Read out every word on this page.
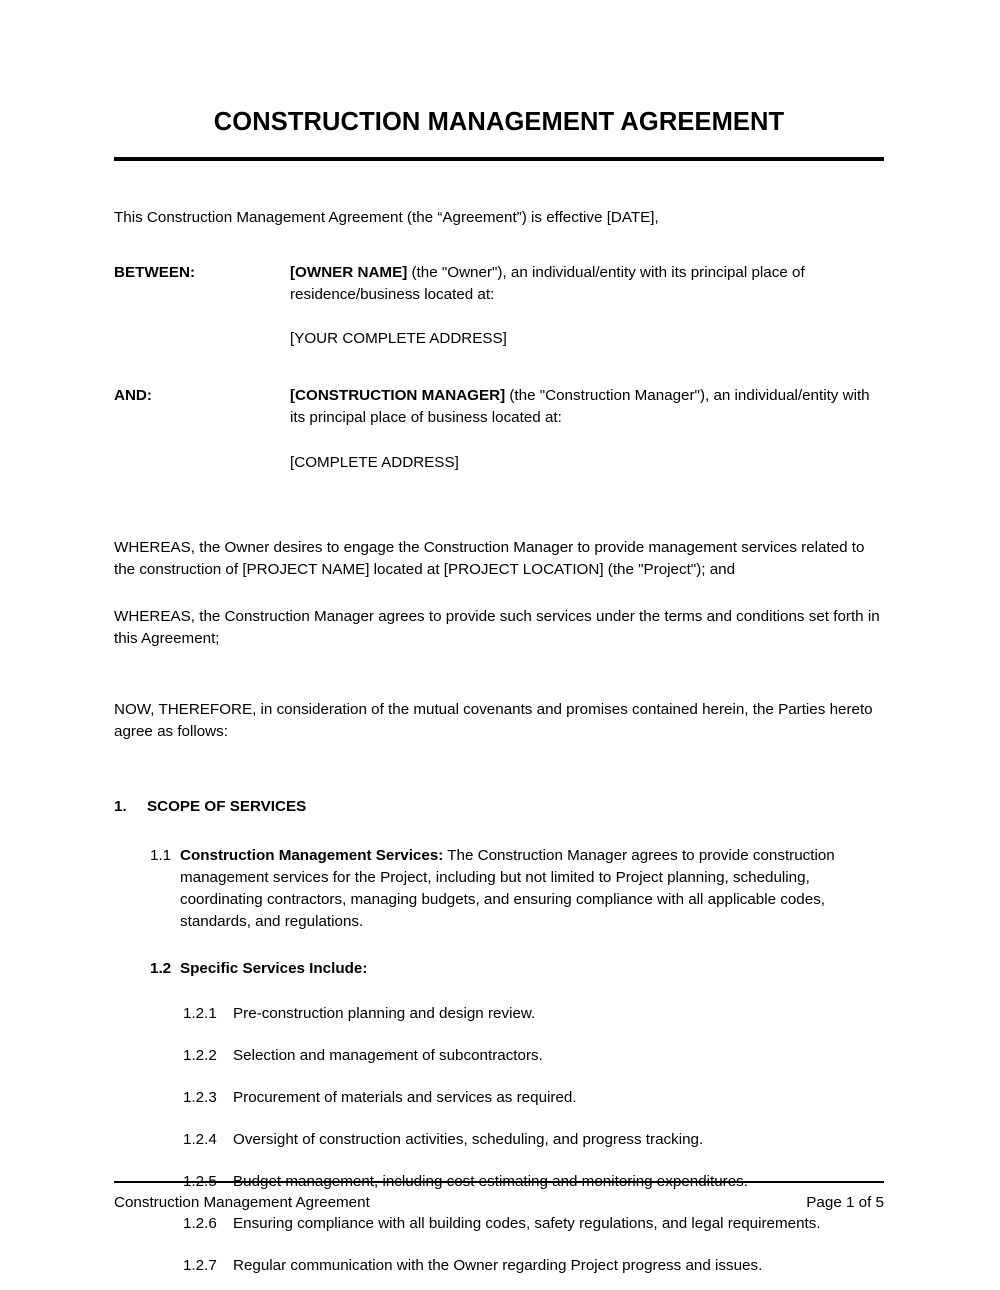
CONSTRUCTION MANAGEMENT AGREEMENT

This Construction Management Agreement (the “Agreement”) is effective [DATE],

BETWEEN:	[OWNER NAME] (the "Owner"), an individual/entity with its principal place of residence/business located at:

[YOUR COMPLETE ADDRESS]

AND:	[CONSTRUCTION MANAGER] (the "Construction Manager"), an individual/entity with its principal place of business located at:

[COMPLETE ADDRESS]

WHEREAS, the Owner desires to engage the Construction Manager to provide management services related to the construction of [PROJECT NAME] located at [PROJECT LOCATION] (the "Project"); and

WHEREAS, the Construction Manager agrees to provide such services under the terms and conditions set forth in this Agreement;

NOW, THEREFORE, in consideration of the mutual covenants and promises contained herein, the Parties hereto agree as follows:

1.	SCOPE OF SERVICES
1.1 Construction Management Services: The Construction Manager agrees to provide construction management services for the Project, including but not limited to Project planning, scheduling, coordinating contractors, managing budgets, and ensuring compliance with all applicable codes, standards, and regulations.
1.2 Specific Services Include:
1.2.1	Pre-construction planning and design review.
1.2.2	Selection and management of subcontractors.
1.2.3	Procurement of materials and services as required.
1.2.4	Oversight of construction activities, scheduling, and progress tracking.
1.2.5	Budget management, including cost estimating and monitoring expenditures.
1.2.6	Ensuring compliance with all building codes, safety regulations, and legal requirements.
1.2.7	Regular communication with the Owner regarding Project progress and issues.
Construction Management Agreement	Page 1 of 5
